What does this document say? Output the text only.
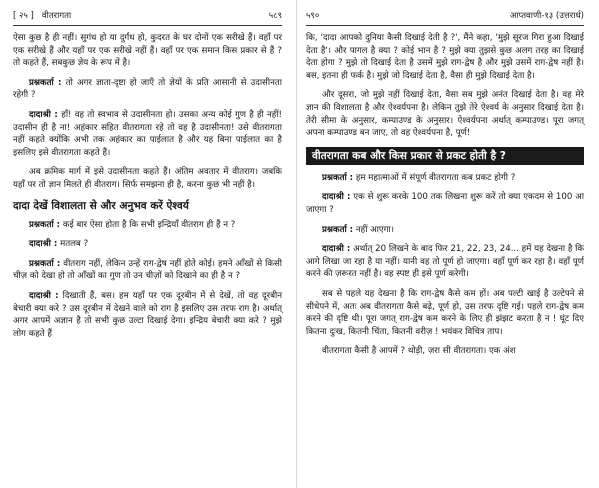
[ २५ ] वीतरागता	५८९

ऐसा कुछ है ही नहीं। सुगंध हो या दुर्गंध हो, कुदरत के घर दोनों एक सरीखे हैं। वहाँ पर एक सरीखे हैं और यहाँ पर एक सरीखे नहीं हैं। वहाँ पर एक समान किस प्रकार से हैं ? तो कहते हैं, सबकुछ ज्ञेय के रूप में है।

प्रश्नकर्ता : तो अगर ज्ञाता-दृष्टा हो जाएँ तो ज्ञेयों के प्रति आसानी से उदासीनता रहेगी ?

दादाश्री : हाँ! वह तो स्वभाव से उदासीनता हो। उसका अन्य कोई गुण है ही नहीं! उदासीन ही है ना! अहंकार सहित वीतरागता रहे तो वह है उदासीनता! उसे वीतरागता नहीं कहते क्योंकि अभी तक अहंकार का पाईलात है और यह बिना पाईलात का है इसलिए इसे वीतरागता कहते हैं।

अब क्रमिक मार्ग में इसे उदासीनता कहते हैं। अंतिम अवतार में वीतराग। जबकि यहाँ पर तो ज्ञान मिलते ही वीतराग। सिर्फ समझना ही है, करना कुछ भी नहीं है।

दादा देखें विशालता से और अनुभव करें ऐश्वर्य

प्रश्नकर्ता : कई बार ऐसा होता है कि सभी इन्द्रियाँ वीतराग ही हैं न ?

दादाश्री : मतलब ?

प्रश्नकर्ता : वीतराग नहीं, लेकिन उन्हें राग-द्वेष नहीं होते कोई। हमने आँखों से किसी चीज़ को देखा हो तो आँखों का गुण तो उन चीज़ों को दिखाने का ही है न ?

दादाश्री : दिखाती हैं, बस। हम यहाँ पर एक दूरबीन में से देखें, तो वह दूरबीन बेचारी क्या करे ? उस दूरबीन में देखने वाले को राग है इसलिए उस तरफ राग है। अर्थात् अगर आपमें अज्ञान है तो सभी कुछ उल्टा दिखाई देगा। इन्द्रिय बेचारी क्या करे ? मुझे लोग कहते हैं

५९०	आप्तवाणी-१३ (उत्तरार्ध)

कि, 'दादा आपको दुनिया कैसी दिखाई देती है ?', मैंने कहा, 'मुझे सूरज गिरा हुआ दिखाई देता है'। और पागल है क्या ? कोई भान है ? मुझे क्या तुझसे कुछ अलग तरह का दिखाई देता होगा ? मुझे तो दिखाई देता है उसमें मुझे राग-द्वेष है और मुझे उसमें राग-द्वेष नहीं है। बस, इतना ही फर्क है। मुझे जो दिखाई देता है, वैसा ही मुझे दिखाई देता है।

और दूसरा, जो मुझे नहीं दिखाई देता, वैसा सब मुझे अनंत दिखाई देता है। वह मेरे ज्ञान की विशालता है और ऐश्वर्यपना है। लेकिन तुझे तेरे ऐश्वर्य के अनुसार दिखाई देता है। तेरी सीमा के अनुसार, कम्पाउण्ड के अनुसार। ऐश्वर्यपना अर्थात् कम्पाउण्ड। पूरा जगत् अपना कम्पाउण्ड बन जाए, तो वह ऐश्वर्यपना है, पूर्ण!

वीतरागता कब और किस प्रकार से प्रकट होती है ?

प्रश्नकर्ता : हम महात्माओं में संपूर्ण वीतरागता कब प्रकट होगी ?

दादाश्री : एक से शुरू करके 100 तक लिखना शुरू करें तो क्या एकदम से 100 आ जाएगा ?

प्रश्नकर्ता : नहीं आएगा।

दादाश्री : अर्थात् 20 लिखने के बाद फिर 21, 22, 23, 24... हमें यह देखना है कि आगे लिखा जा रहा है या नहीं। यानी वह तो पूर्ण हो जाएगा। वहाँ पूर्ण कर रहा है। वहाँ पूर्ण करने की ज़रूरत नहीं है। वह स्पष्ट ही इसे पूर्ण करेगी।

सब से पहले यह देखना है कि राग-द्वेष कैसे कम हों। अब पल्टी खाई है उल्टेपने से सीधेपने में, अतः अब वीतरागता कैसे बढ़े, पूर्ण हो, उस तरफ दृष्टि गई। पहले राग-द्वेष कम करने की दृष्टि थी। पूरा जगत् राग-द्वेष कम करने के लिए ही झंझट करता है न ! घूंट दिए कितना दुःख, कितनी चिंता, कितनी वरीज़ ! भयंकर विचित्र ताप।

वीतरागता कैसी है आपमें ? थोड़ी, ज़रा सी वीतरागता। एक अंश
